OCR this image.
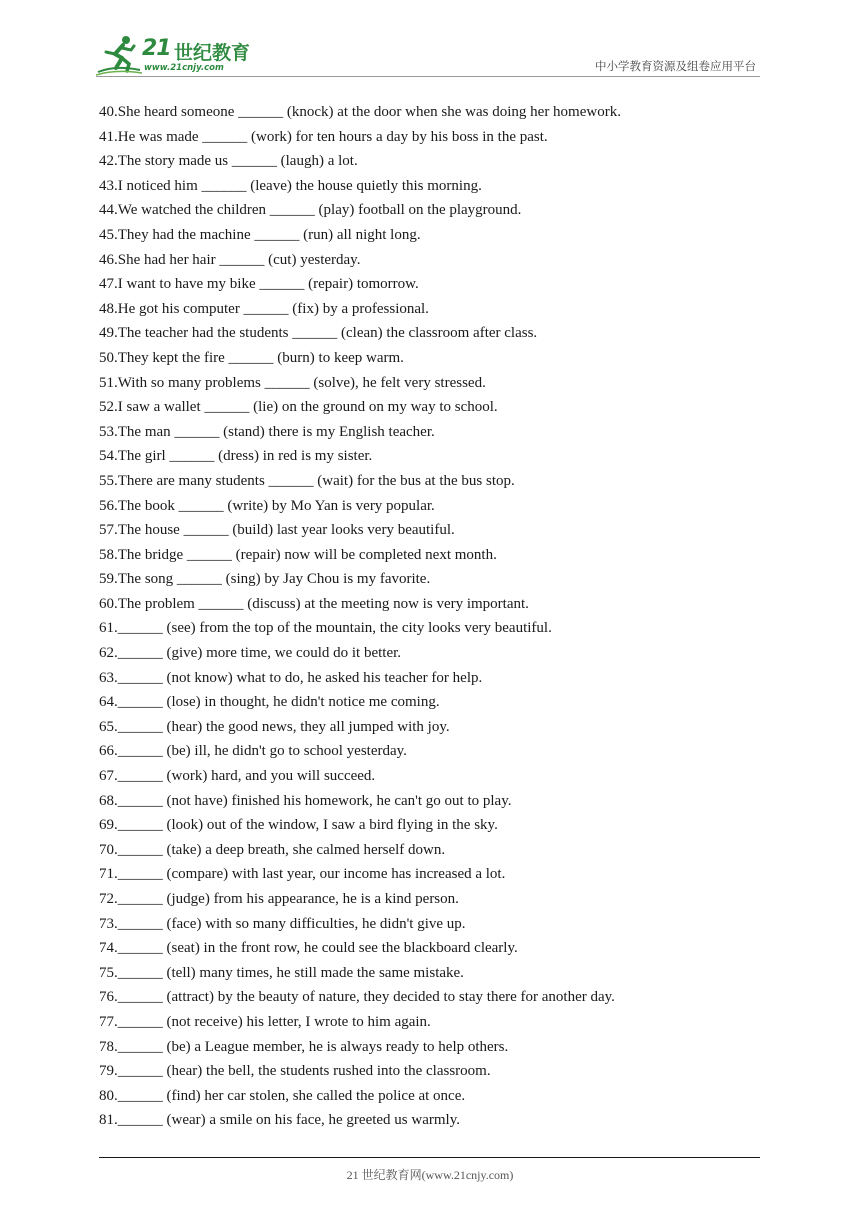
21 世纪教育
www.21cnjy.com	中小学教育资源及组卷应用平台
40.She heard someone ______ (knock) at the door when she was doing her homework.
41.He was made ______ (work) for ten hours a day by his boss in the past.
42.The story made us ______ (laugh) a lot.
43.I noticed him ______ (leave) the house quietly this morning.
44.We watched the children ______ (play) football on the playground.
45.They had the machine ______ (run) all night long.
46.She had her hair ______ (cut) yesterday.
47.I want to have my bike ______ (repair) tomorrow.
48.He got his computer ______ (fix) by a professional.
49.The teacher had the students ______ (clean) the classroom after class.
50.They kept the fire ______ (burn) to keep warm.
51.With so many problems ______ (solve), he felt very stressed.
52.I saw a wallet ______ (lie) on the ground on my way to school.
53.The man ______ (stand) there is my English teacher.
54.The girl ______ (dress) in red is my sister.
55.There are many students ______ (wait) for the bus at the bus stop.
56.The book ______ (write) by Mo Yan is very popular.
57.The house ______ (build) last year looks very beautiful.
58.The bridge ______ (repair) now will be completed next month.
59.The song ______ (sing) by Jay Chou is my favorite.
60.The problem ______ (discuss) at the meeting now is very important.
61.______ (see) from the top of the mountain, the city looks very beautiful.
62.______ (give) more time, we could do it better.
63.______ (not know) what to do, he asked his teacher for help.
64.______ (lose) in thought, he didn't notice me coming.
65.______ (hear) the good news, they all jumped with joy.
66.______ (be) ill, he didn't go to school yesterday.
67.______ (work) hard, and you will succeed.
68.______ (not have) finished his homework, he can't go out to play.
69.______ (look) out of the window, I saw a bird flying in the sky.
70.______ (take) a deep breath, she calmed herself down.
71.______ (compare) with last year, our income has increased a lot.
72.______ (judge) from his appearance, he is a kind person.
73.______ (face) with so many difficulties, he didn't give up.
74.______ (seat) in the front row, he could see the blackboard clearly.
75.______ (tell) many times, he still made the same mistake.
76.______ (attract) by the beauty of nature, they decided to stay there for another day.
77.______ (not receive) his letter, I wrote to him again.
78.______ (be) a League member, he is always ready to help others.
79.______ (hear) the bell, the students rushed into the classroom.
80.______ (find) her car stolen, she called the police at once.
81.______ (wear) a smile on his face, he greeted us warmly.
21 世纪教育网(www.21cnjy.com)
